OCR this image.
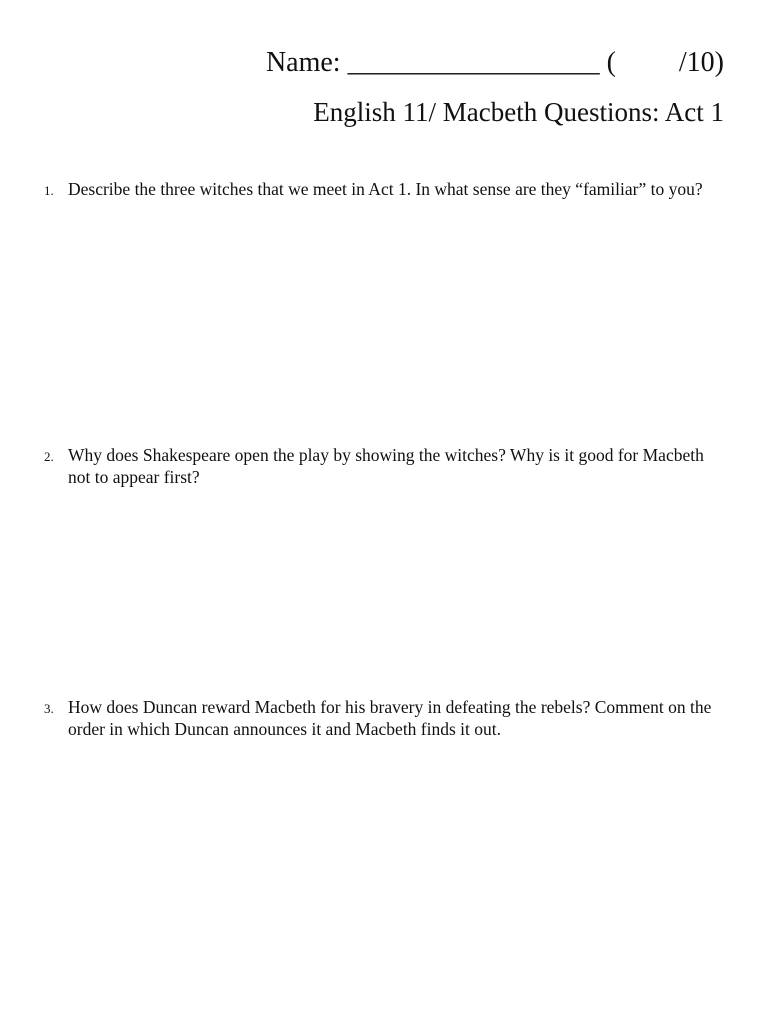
Name: __________________ (         /10)
English 11/ Macbeth Questions: Act 1
1. Describe the three witches that we meet in Act 1. In what sense are they “familiar” to you?
2. Why does Shakespeare open the play by showing the witches? Why is it good for Macbeth not to appear first?
3. How does Duncan reward Macbeth for his bravery in defeating the rebels? Comment on the order in which Duncan announces it and Macbeth finds it out.
